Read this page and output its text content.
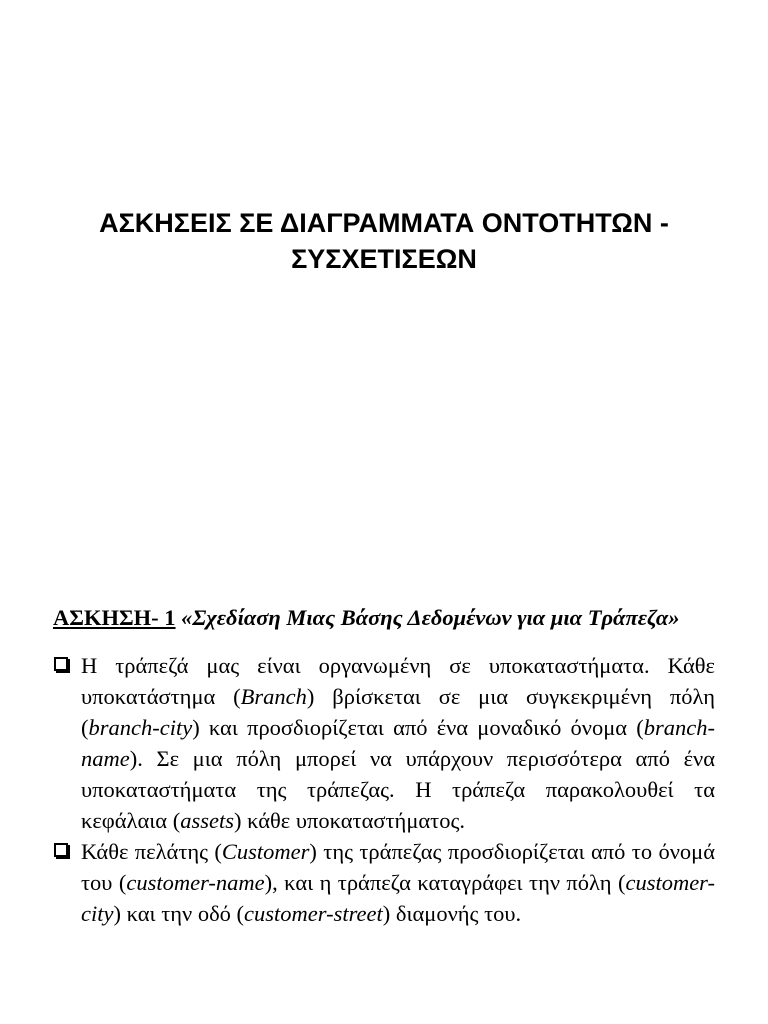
ΑΣΚΗΣΕΙΣ ΣΕ ΔΙΑΓΡΑΜΜΑΤΑ ΟΝΤΟΤΗΤΩΝ -
ΣΥΣΧΕΤΙΣΕΩΝ

ΑΣΚΗΣΗ- 1 «Σχεδίαση Μιας Βάσης Δεδομένων για μια Τράπεζα»

Η τράπεζά μας είναι οργανωμένη σε υποκαταστήματα. Κάθε υποκατάστημα (Branch) βρίσκεται σε μια συγκεκριμένη πόλη (branch-city) και προσδιορίζεται από ένα μοναδικό όνομα (branch-name). Σε μια πόλη μπορεί να υπάρχουν περισσότερα από ένα υποκαταστήματα της τράπεζας. Η τράπεζα παρακολουθεί τα κεφάλαια (assets) κάθε υποκαταστήματος.

Κάθε πελάτης (Customer) της τράπεζας προσδιορίζεται από το όνομά του (customer-name), και η τράπεζα καταγράφει την πόλη (customer-city) και την οδό (customer-street) διαμονής του.
